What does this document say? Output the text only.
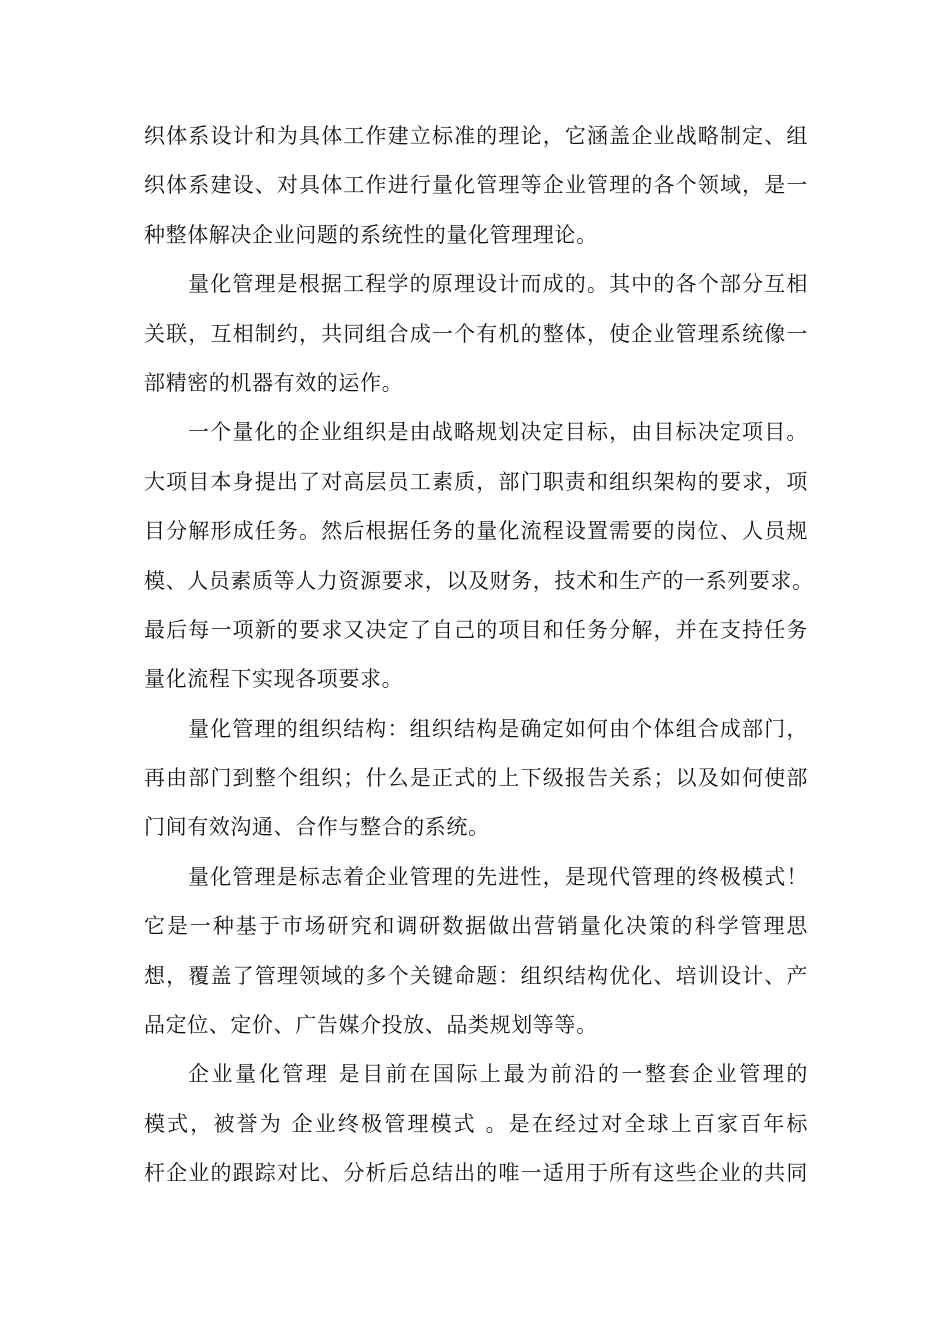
织体系设计和为具体工作建立标准的理论，它涵盖企业战略制定、组
织体系建设、对具体工作进行量化管理等企业管理的各个领域，是一
种整体解决企业问题的系统性的量化管理理论。
量化管理是根据工程学的原理设计而成的。其中的各个部分互相
关联，互相制约，共同组合成一个有机的整体，使企业管理系统像一
部精密的机器有效的运作。
一个量化的企业组织是由战略规划决定目标，由目标决定项目。
大项目本身提出了对高层员工素质，部门职责和组织架构的要求，项
目分解形成任务。然后根据任务的量化流程设置需要的岗位、人员规
模、人员素质等人力资源要求，以及财务，技术和生产的一系列要求。
最后每一项新的要求又决定了自己的项目和任务分解，并在支持任务
量化流程下实现各项要求。
量化管理的组织结构：组织结构是确定如何由个体组合成部门，
再由部门到整个组织；什么是正式的上下级报告关系；以及如何使部
门间有效沟通、合作与整合的系统。
量化管理是标志着企业管理的先进性，是现代管理的终极模式！
它是一种基于市场研究和调研数据做出营销量化决策的科学管理思
想，覆盖了管理领域的多个关键命题：组织结构优化、培训设计、产
品定位、定价、广告媒介投放、品类规划等等。
企业量化管理 是目前在国际上最为前沿的一整套企业管理的
模式，被誉为 企业终极管理模式 。是在经过对全球上百家百年标
杆企业的跟踪对比、分析后总结出的唯一适用于所有这些企业的共同
